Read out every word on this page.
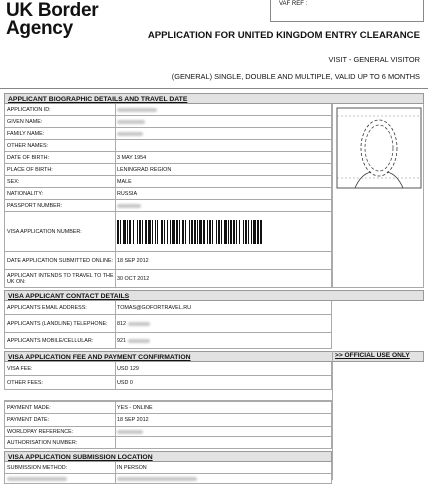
UK Border
Agency
VAF REF :
APPLICATION FOR UNITED KINGDOM ENTRY CLEARANCE
VISIT - GENERAL VISITOR
(GENERAL) SINGLE, DOUBLE AND MULTIPLE, VALID UP TO 6 MONTHS
APPLICANT BIOGRAPHIC DETAILS AND TRAVEL DATE
APPLICATION ID:
GIVEN NAME:
FAMILY NAME:
OTHER NAMES:
DATE OF BIRTH:	3 MAY 1954
PLACE OF BIRTH:	LENINGRAD REGION
SEX:	MALE
NATIONALITY:	RUSSIA
PASSPORT NUMBER:
VISA APPLICATION NUMBER:
DATE APPLICATION SUBMITTED ONLINE: 18 SEP 2012
APPLICANT INTENDS TO TRAVEL TO THE UK ON:	30 OCT 2012
VISA APPLICANT CONTACT DETAILS
APPLICANTS EMAIL ADDRESS:	TOMAS@GOFORTRAVEL.RU
APPLICANTS (LANDLINE) TELEPHONE:	812

APPLICANTS MOBILE/CELLULAR:	921

VISA APPLICATION FEE AND PAYMENT CONFIRMATION	>> OFFICIAL USE ONLY
VISA FEE:	USD 129
OTHER FEES:	USD 0
PAYMENT MADE:	YES - ONLINE
PAYMENT DATE:	18 SEP 2012
WORLDPAY REFERENCE:
AUTHORISATION NUMBER:
VISA APPLICATION SUBMISSION LOCATION
SUBMISSION METHOD:	IN PERSON
